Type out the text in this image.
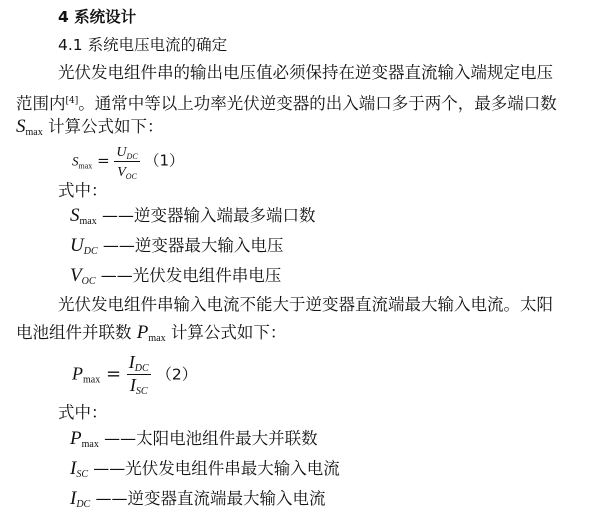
4 系统设计
4.1 系统电压电流的确定
光伏发电组件串的输出电压值必须保持在逆变器直流输入端规定电压
范围内[4]。通常中等以上功率光伏逆变器的出入端口多于两个，最多端口数
$S_{max}$ 计算公式如下：
$S_{max} = \frac{U_{DC}}{V_{OC}} (1)$
式中：
$S_{max}$ ——逆变器输入端最多端口数
UDC ——逆变器最大输入电压
VOC ——光伏发电组件串电压
光伏发电组件串输入电流不能大于逆变器直流端最大输入电流。太阳
电池组件并联数 $P_{max}$ 计算公式如下：
$P_{max} = \frac{\text{IDC}}{\text{ISC}} (2)$
式中：
$P_{max}$ ——太阳电池组件最大并联数
ISC ——光伏发电组件串最大输入电流
IDC ——逆变器直流端最大输入电流
